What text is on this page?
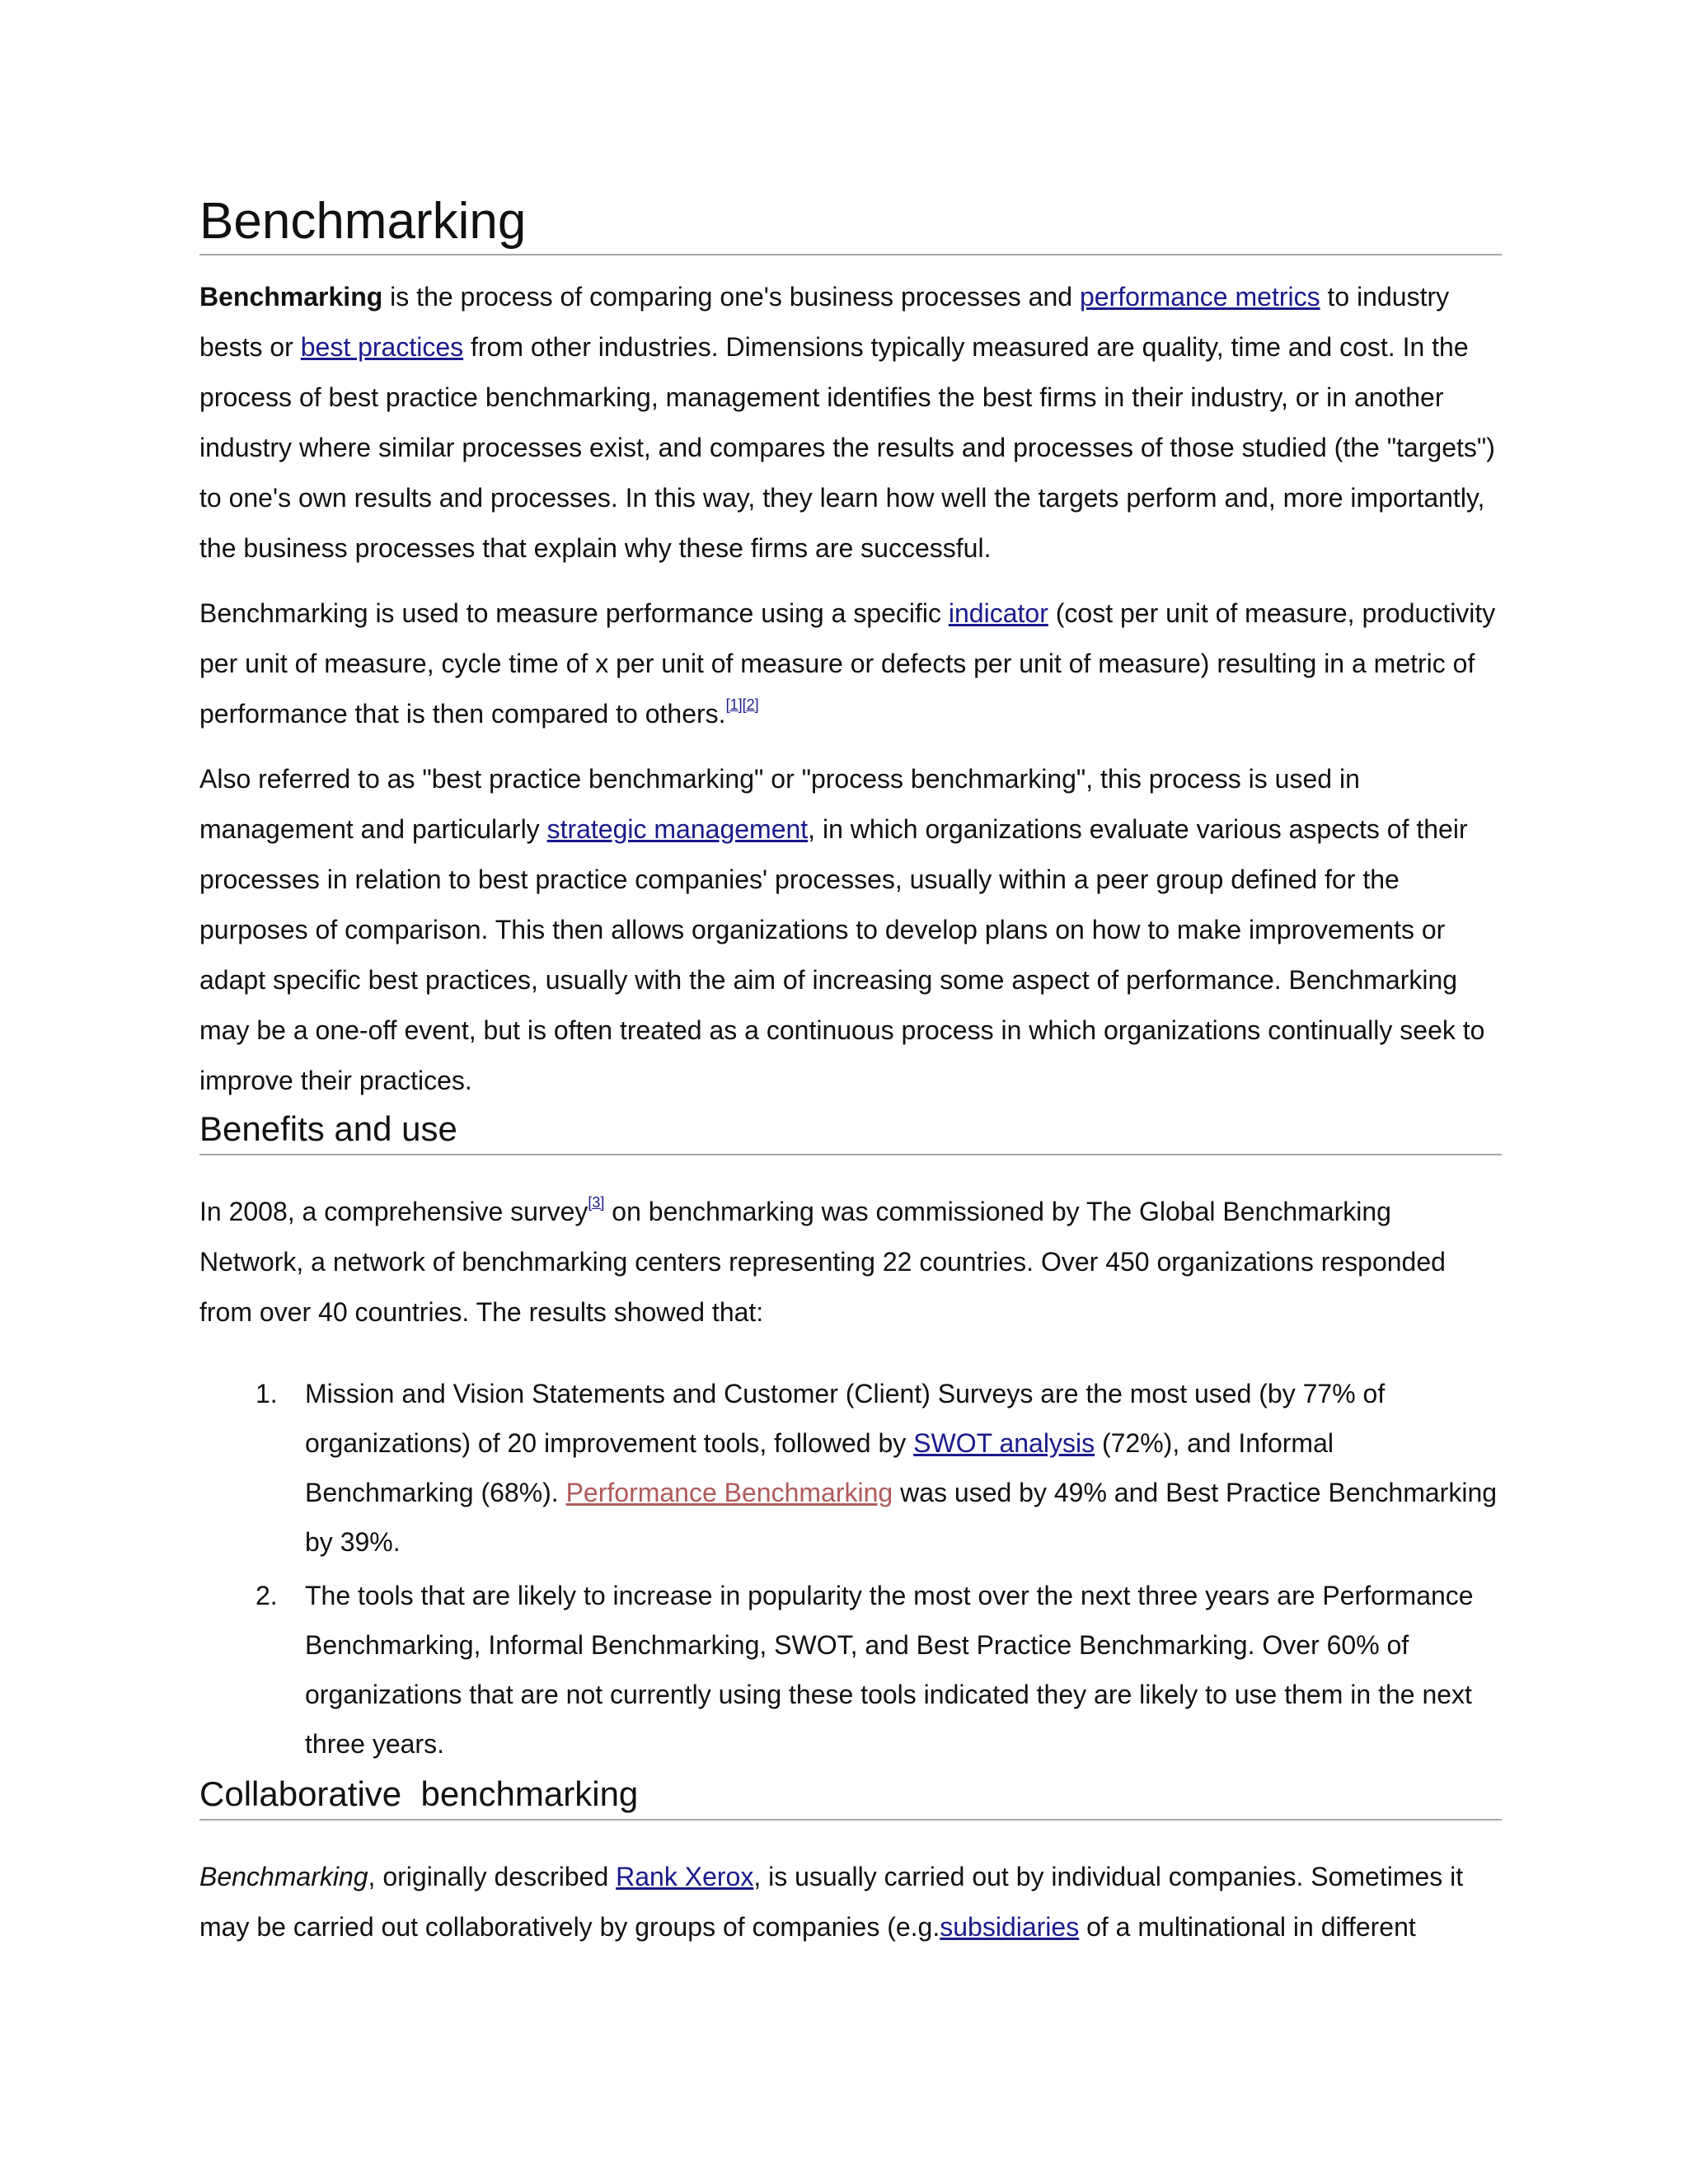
Benchmarking

Benchmarking is the process of comparing one's business processes and performance metrics to industry bests or best practices from other industries. Dimensions typically measured are quality, time and cost. In the process of best practice benchmarking, management identifies the best firms in their industry, or in another industry where similar processes exist, and compares the results and processes of those studied (the "targets") to one's own results and processes. In this way, they learn how well the targets perform and, more importantly, the business processes that explain why these firms are successful.

Benchmarking is used to measure performance using a specific indicator (cost per unit of measure, productivity per unit of measure, cycle time of x per unit of measure or defects per unit of measure) resulting in a metric of performance that is then compared to others.[1][2]

Also referred to as "best practice benchmarking" or "process benchmarking", this process is used in management and particularly strategic management, in which organizations evaluate various aspects of their processes in relation to best practice companies' processes, usually within a peer group defined for the purposes of comparison. This then allows organizations to develop plans on how to make improvements or adapt specific best practices, usually with the aim of increasing some aspect of performance. Benchmarking may be a one-off event, but is often treated as a continuous process in which organizations continually seek to improve their practices.

Benefits and use

In 2008, a comprehensive survey[3] on benchmarking was commissioned by The Global Benchmarking Network, a network of benchmarking centers representing 22 countries. Over 450 organizations responded from over 40 countries. The results showed that:

1. Mission and Vision Statements and Customer (Client) Surveys are the most used (by 77% of organizations) of 20 improvement tools, followed by SWOT analysis (72%), and Informal Benchmarking (68%). Performance Benchmarking was used by 49% and Best Practice Benchmarking by 39%.
2. The tools that are likely to increase in popularity the most over the next three years are Performance Benchmarking, Informal Benchmarking, SWOT, and Best Practice Benchmarking. Over 60% of organizations that are not currently using these tools indicated they are likely to use them in the next three years.
Collaborative  benchmarking

Benchmarking, originally described Rank Xerox, is usually carried out by individual companies. Sometimes it may be carried out collaboratively by groups of companies (e.g.subsidiaries of a multinational in different
